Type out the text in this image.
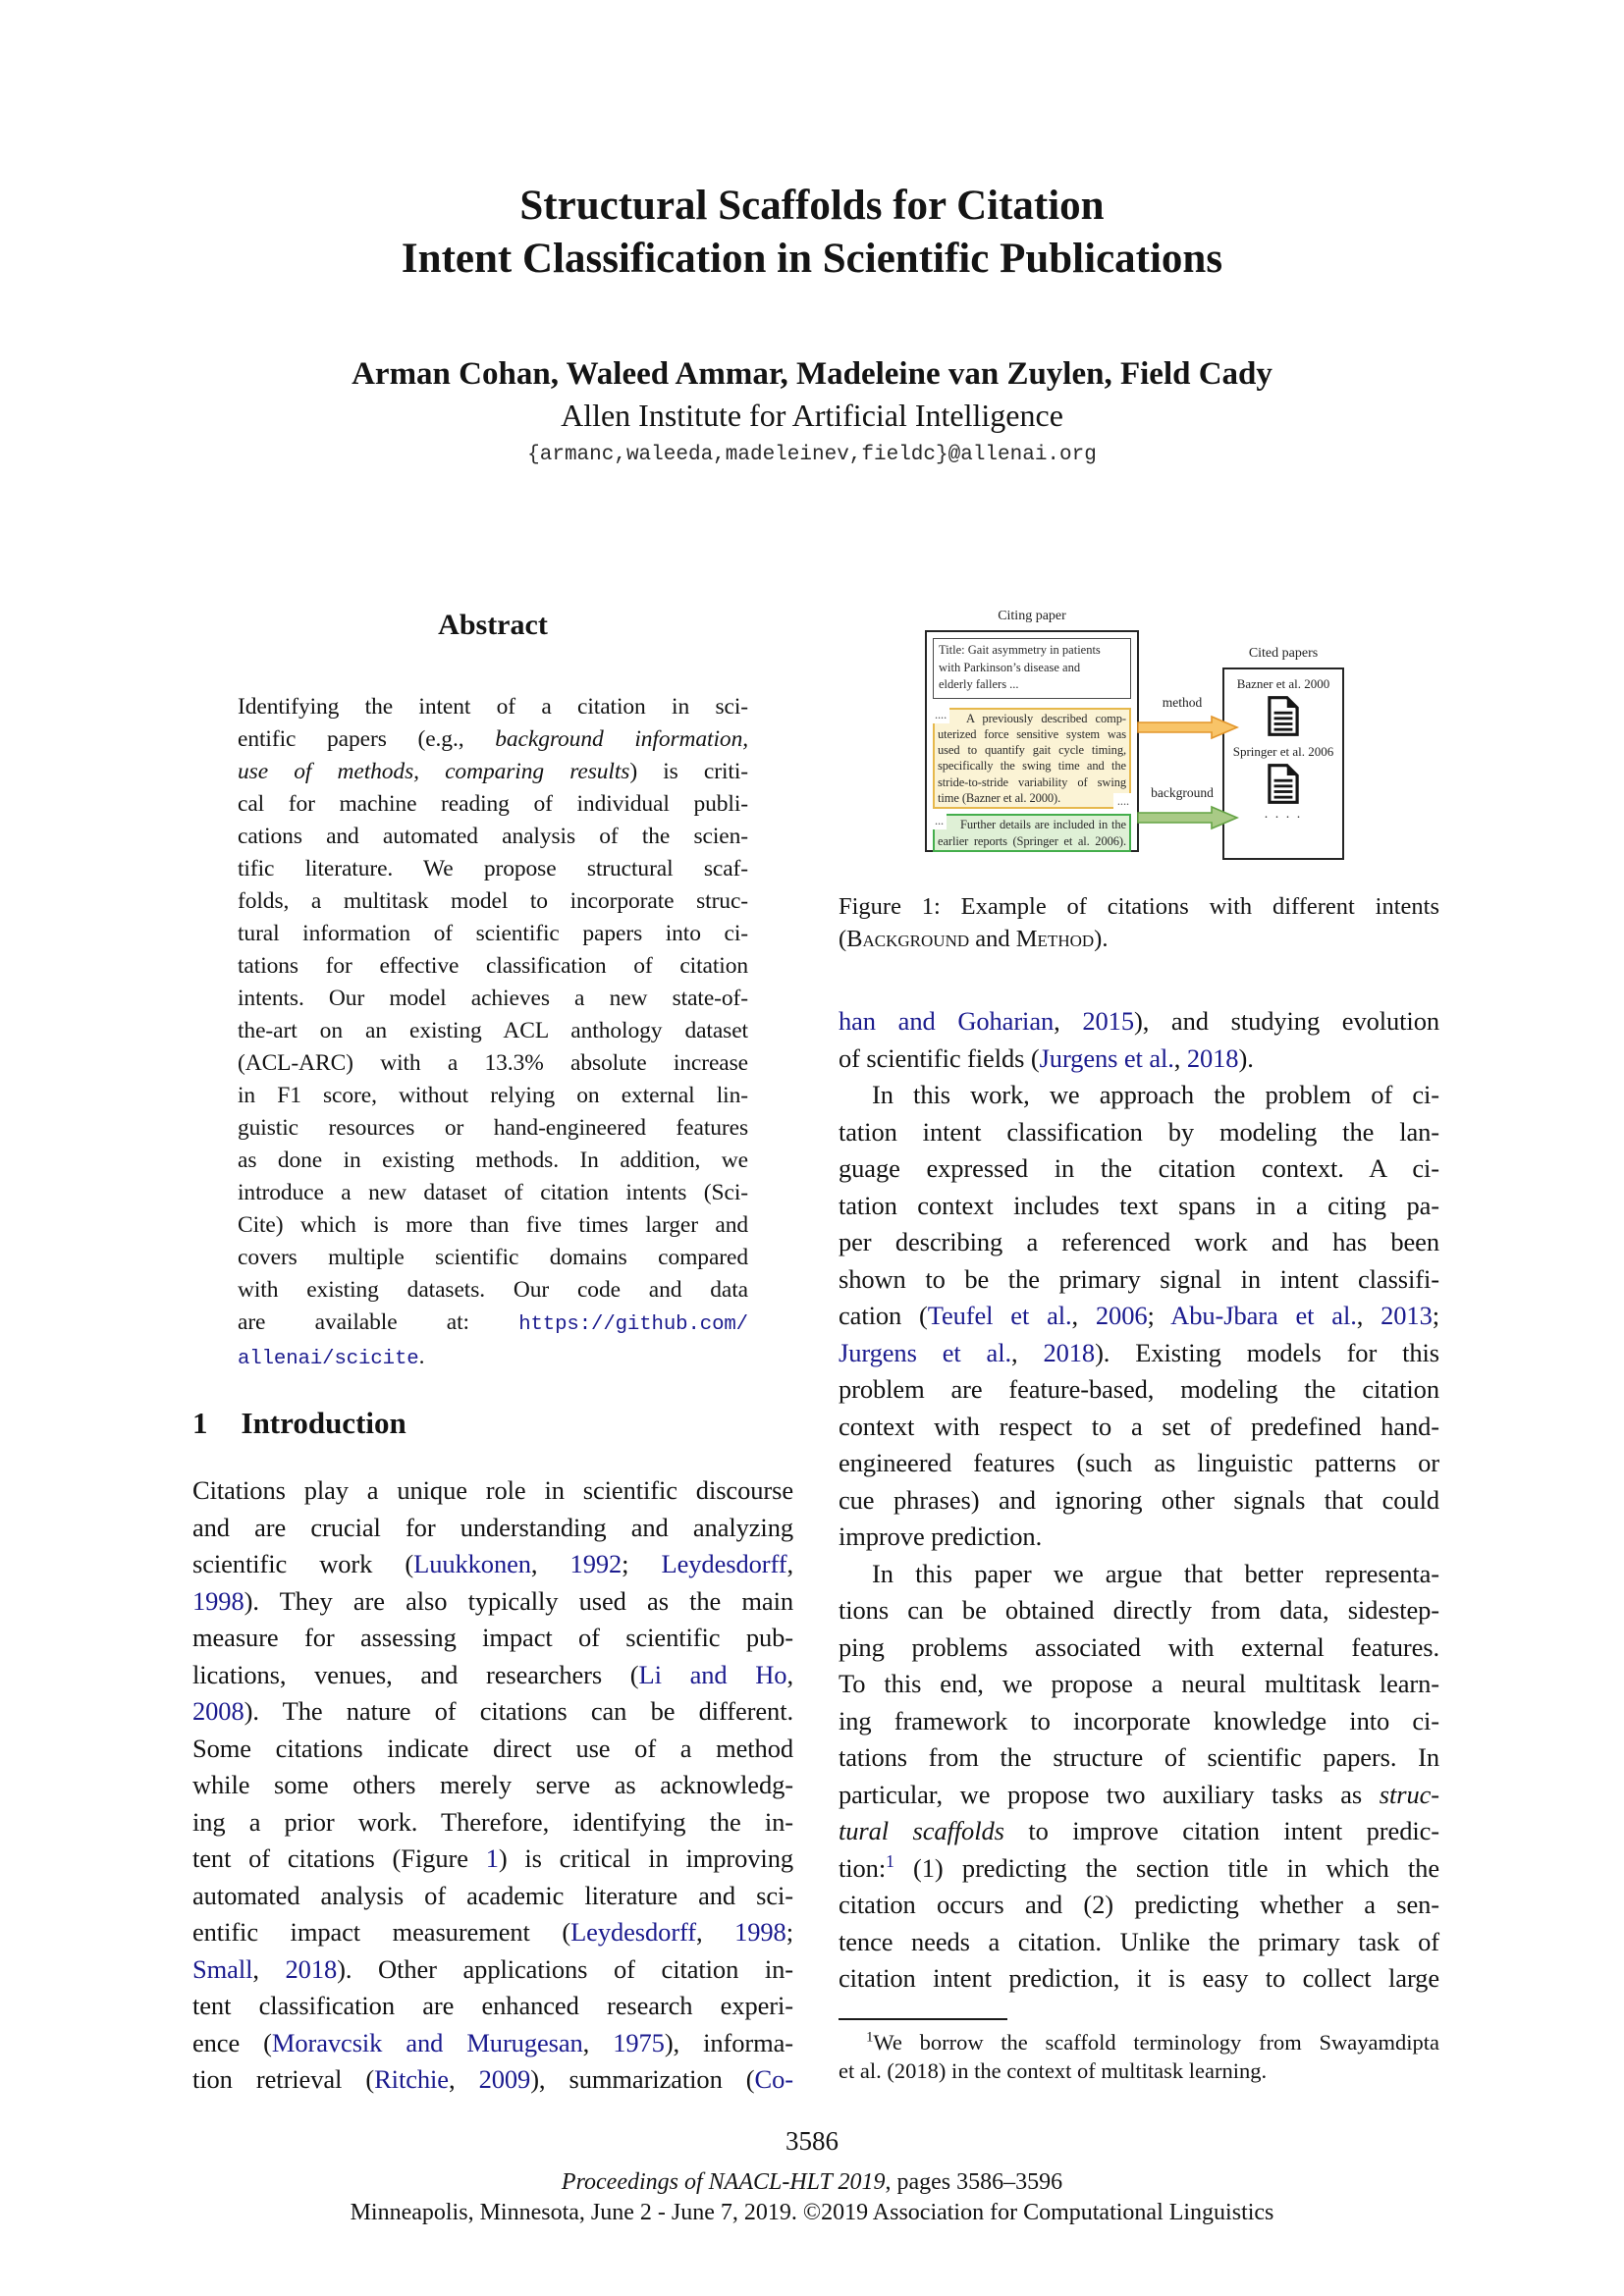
Structural Scaffolds for Citation
Intent Classification in Scientific Publications
Arman Cohan, Waleed Ammar, Madeleine van Zuylen, Field Cady
Allen Institute for Artificial Intelligence
{armanc,waleeda,madeleinev,fieldc}@allenai.org
Abstract
Identifying the intent of a citation in sci-
entific papers (e.g., background information,
use of methods, comparing results) is criti-
cal for machine reading of individual publi-
cations and automated analysis of the scien-
tific literature. We propose structural scaf-
folds, a multitask model to incorporate struc-
tural information of scientific papers into ci-
tations for effective classification of citation
intents. Our model achieves a new state-of-
the-art on an existing ACL anthology dataset
(ACL-ARC) with a 13.3% absolute increase
in F1 score, without relying on external lin-
guistic resources or hand-engineered features
as done in existing methods. In addition, we
introduce a new dataset of citation intents (Sci-
Cite) which is more than five times larger and
covers multiple scientific domains compared
with existing datasets. Our code and data
are available at: https://github.com/
allenai/scicite.
1 Introduction
Citations play a unique role in scientific discourse
and are crucial for understanding and analyzing
scientific work (Luukkonen, 1992; Leydesdorff,
1998). They are also typically used as the main
measure for assessing impact of scientific pub-
lications, venues, and researchers (Li and Ho,
2008). The nature of citations can be different.
Some citations indicate direct use of a method
while some others merely serve as acknowledg-
ing a prior work. Therefore, identifying the in-
tent of citations (Figure 1) is critical in improving
automated analysis of academic literature and sci-
entific impact measurement (Leydesdorff, 1998;
Small, 2018). Other applications of citation in-
tent classification are enhanced research experi-
ence (Moravcsik and Murugesan, 1975), informa-
tion retrieval (Ritchie, 2009), summarization (Co-
Citing paper
Cited papers
Title: Gait asymmetry in patients
with Parkinson’s disease and
elderly fallers ...
....
....
A previously described comp-
uterized force sensitive system was
used to quantify gait cycle timing,
specifically the swing time and the
stride-to-stride variability of swing
time (Bazner et al. 2000).
...	Further details are included in the
earlier reports (Springer et al. 2006).
method
background
Bazner et al. 2000
Springer et al. 2006
. . . .
Figure 1: Example of citations with different intents
(Background and Method).
han and Goharian, 2015), and studying evolution
of scientific fields (Jurgens et al., 2018).
In this work, we approach the problem of ci-
tation intent classification by modeling the lan-
guage expressed in the citation context. A ci-
tation context includes text spans in a citing pa-
per describing a referenced work and has been
shown to be the primary signal in intent classifi-
cation (Teufel et al., 2006; Abu-Jbara et al., 2013;
Jurgens et al., 2018). Existing models for this
problem are feature-based, modeling the citation
context with respect to a set of predefined hand-
engineered features (such as linguistic patterns or
cue phrases) and ignoring other signals that could
improve prediction.
In this paper we argue that better representa-
tions can be obtained directly from data, sidestep-
ping problems associated with external features.
To this end, we propose a neural multitask learn-
ing framework to incorporate knowledge into ci-
tations from the structure of scientific papers. In
particular, we propose two auxiliary tasks as struc-
tural scaffolds to improve citation intent predic-
tion:$^1$ (1) predicting the section title in which the
citation occurs and (2) predicting whether a sen-
tence needs a citation. Unlike the primary task of
citation intent prediction, it is easy to collect large
$^1$We borrow the scaffold terminology from Swayamdipta
et al. (2018) in the context of multitask learning.
3586
Proceedings of NAACL-HLT 2019, pages 3586–3596
Minneapolis, Minnesota, June 2 - June 7, 2019. ©2019 Association for Computational Linguistics
